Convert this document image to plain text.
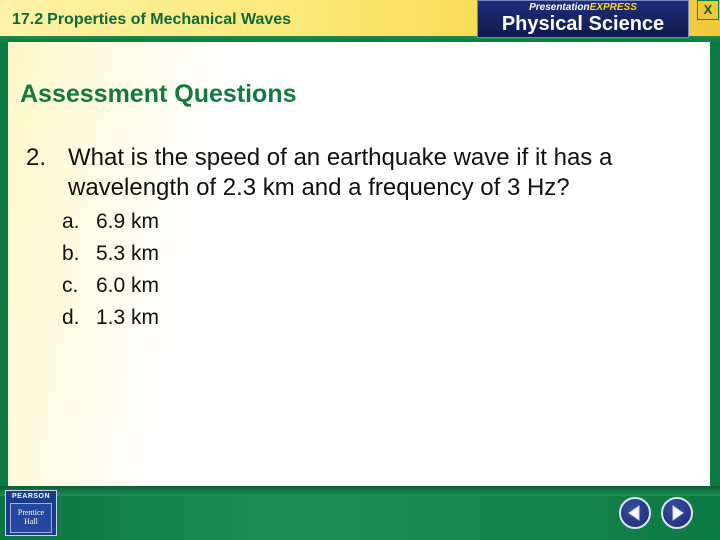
17.2 Properties of Mechanical Waves
PresentationEXPRESS
Physical Science
X
Assessment Questions
2. What is the speed of an earthquake wave if it has a wavelength of 2.3 km and a frequency of 3 Hz?
a. 6.9 km
b. 5.3 km
c. 6.0 km
d. 1.3 km
PEARSON
Prentice
Hall
